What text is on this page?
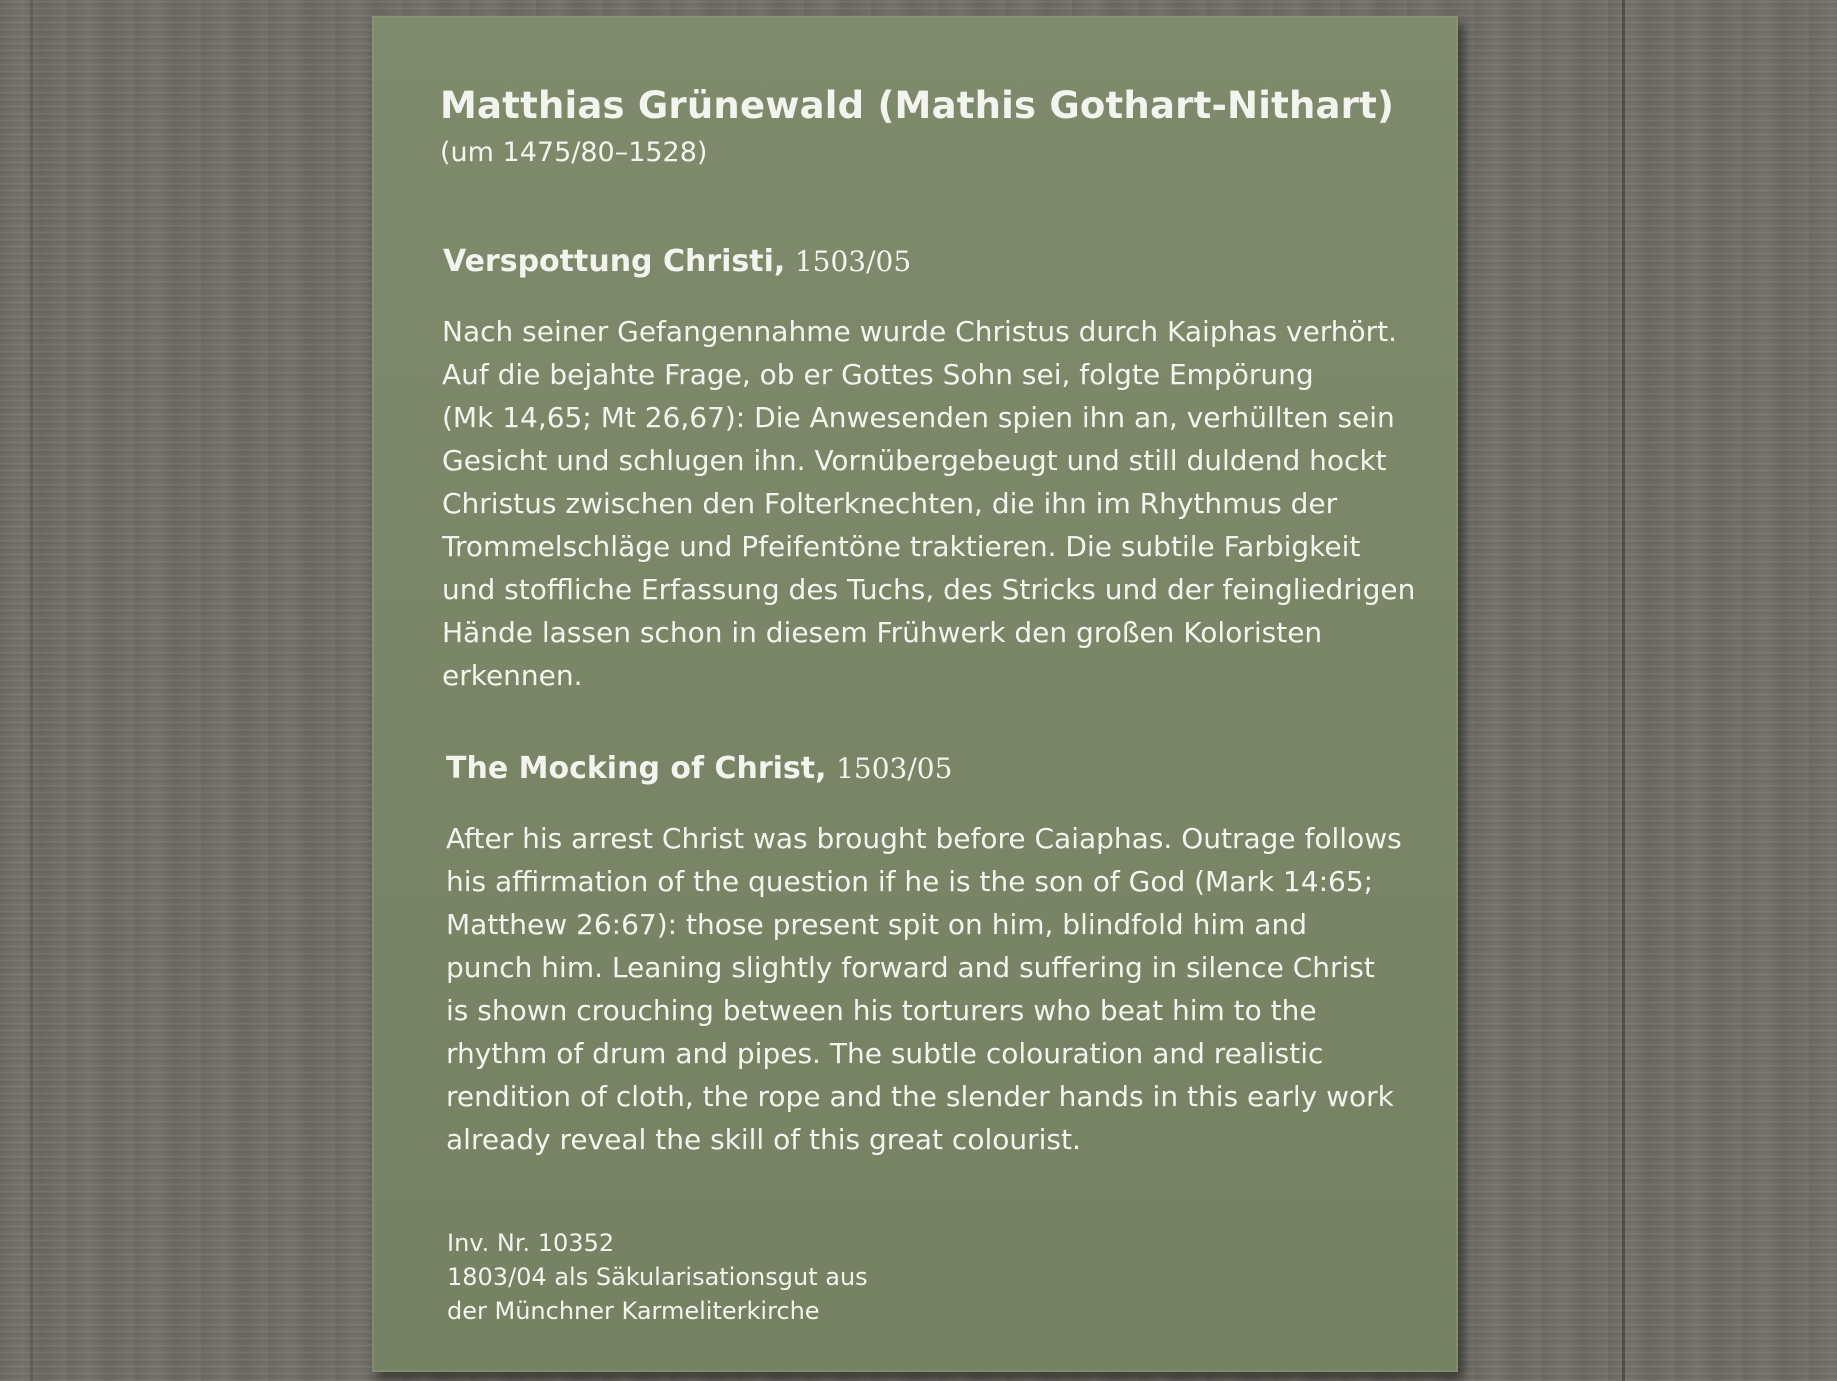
Matthias Grünewald (Mathis Gothart-Nithart)
(um 1475/80–1528)
Verspottung Christi, 1503/05
Nach seiner Gefangennahme wurde Christus durch Kaiphas verhört.
Auf die bejahte Frage, ob er Gottes Sohn sei, folgte Empörung
(Mk 14,65; Mt 26,67): Die Anwesenden spien ihn an, verhüllten sein
Gesicht und schlugen ihn. Vornübergebeugt und still duldend hockt
Christus zwischen den Folterknechten, die ihn im Rhythmus der
Trommelschläge und Pfeifentöne traktieren. Die subtile Farbigkeit
und stoffliche Erfassung des Tuchs, des Stricks und der feingliedrigen
Hände lassen schon in diesem Frühwerk den großen Koloristen
erkennen.
The Mocking of Christ, 1503/05
After his arrest Christ was brought before Caiaphas. Outrage follows
his affirmation of the question if he is the son of God (Mark 14:65;
Matthew 26:67): those present spit on him, blindfold him and
punch him. Leaning slightly forward and suffering in silence Christ
is shown crouching between his torturers who beat him to the
rhythm of drum and pipes. The subtle colouration and realistic
rendition of cloth, the rope and the slender hands in this early work
already reveal the skill of this great colourist.
Inv. Nr. 10352
1803/04 als Säkularisationsgut aus
der Münchner Karmeliterkirche
